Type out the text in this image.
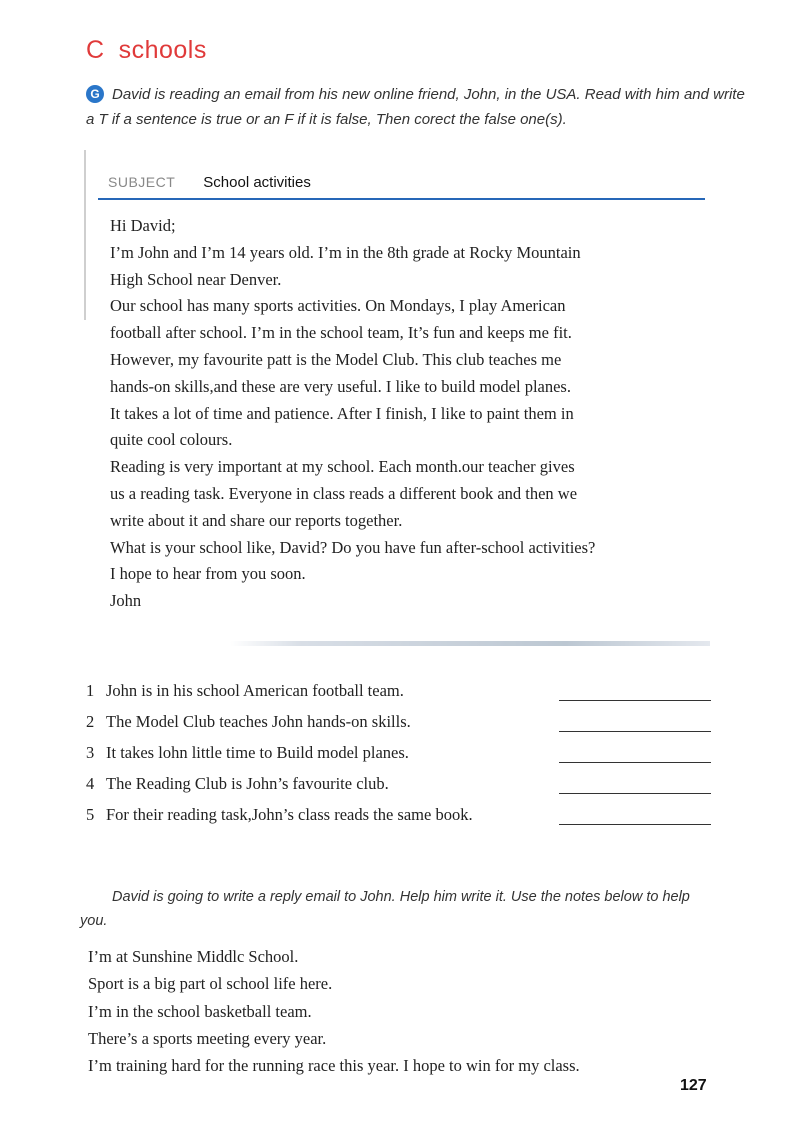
C schools
G David is reading an email from his new online friend, John, in the USA. Read with him and write a T if a sentence is true or an F if it is false, Then corect the false one(s).
SUBJECT School activities
Hi David;
I’m John and I’m 14 years old. I’m in the 8th grade at Rocky Mountain
High School near Denver.
Our school has many sports activities. On Mondays, I play American
football after school. I’m in the school team, It’s fun and keeps me fit.
However, my favourite patt is the Model Club. This club teaches me
hands-on skills,and these are very useful. I like to build model planes.
It takes a lot of time and patience. After I finish, I like to paint them in
quite cool colours.
Reading is very important at my school. Each month.our teacher gives
us a reading task. Everyone in class reads a different book and then we
write about it and share our reports together.
What is your school like, David? Do you have fun after-school activities?
I hope to hear from you soon.
John
1 John is in his school American football team.
2 The Model Club teaches John hands-on skills.
3 It takes lohn little time to Build model planes.
4 The Reading Club is John’s favourite club.
5 For their reading task,John’s class reads the same book.
David is going to write a reply email to John. Help him write it. Use the notes below to help you.
I’m at Sunshine Middlc School.
Sport is a big part ol school life here.
I’m in the school basketball team.
There’s a sports meeting every year.
I’m training hard for the running race this year. I hope to win for my class.
127
